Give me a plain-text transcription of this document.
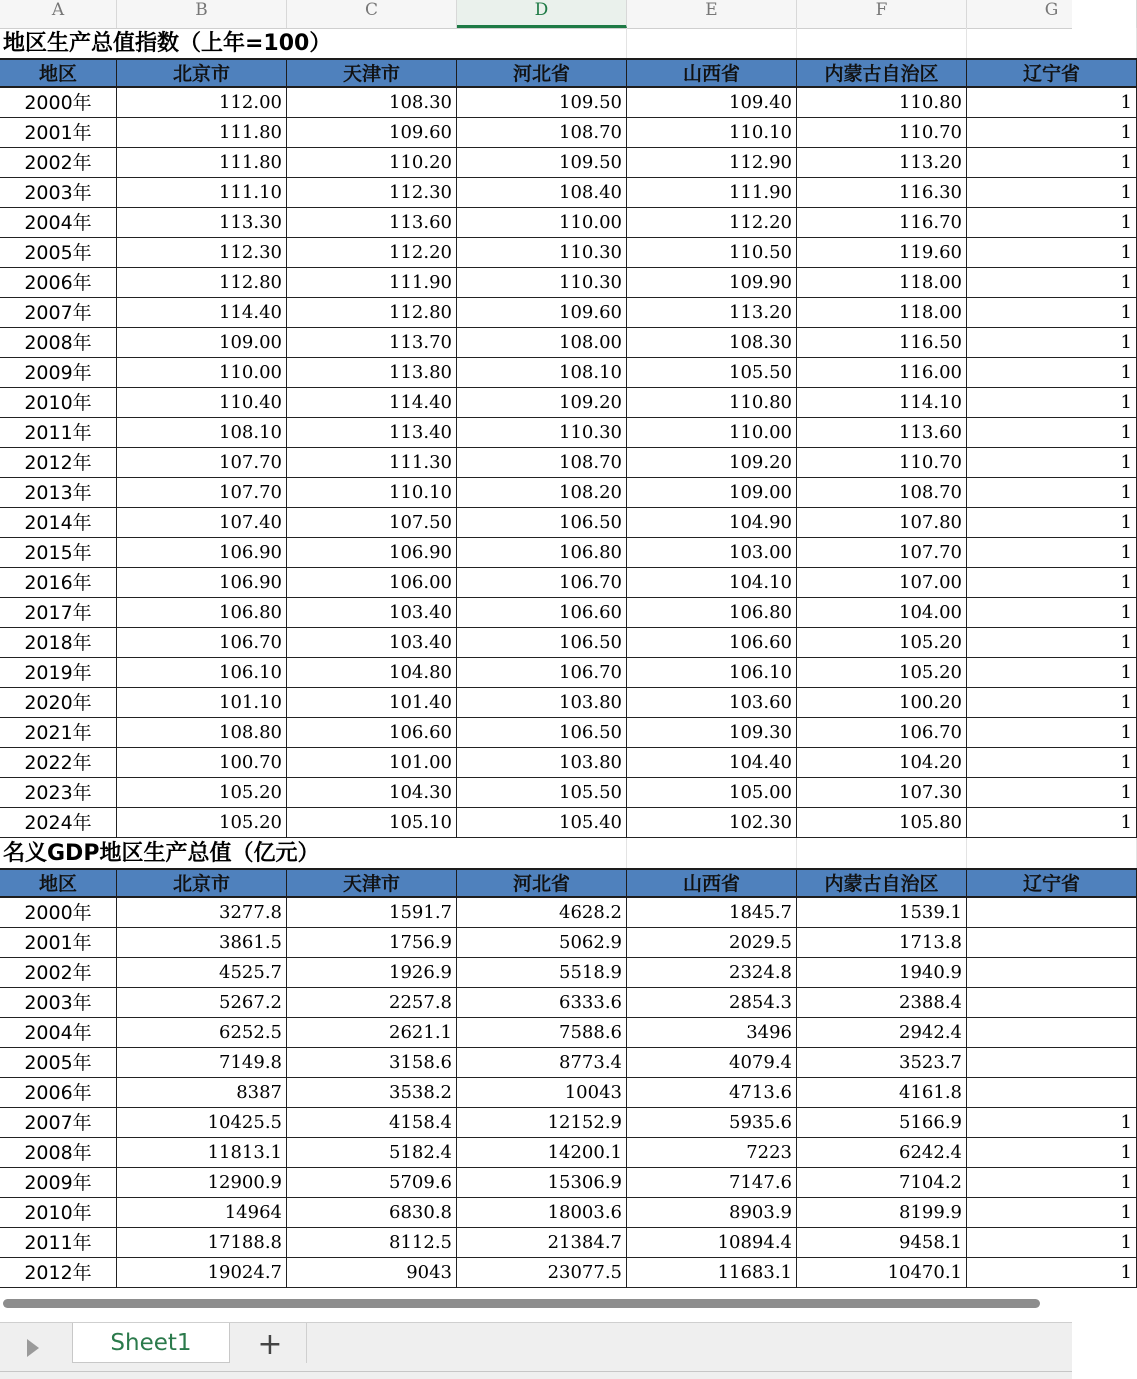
A	B	C	D	E	F	G
地区生产总值指数（上年=100）
地区	北京市	天津市	河北省	山西省	内蒙古自治区	辽宁省
2000年	112.00	108.30	109.50	109.40	110.80	1
2001年	111.80	109.60	108.70	110.10	110.70	1
2002年	111.80	110.20	109.50	112.90	113.20	1
2003年	111.10	112.30	108.40	111.90	116.30	1
2004年	113.30	113.60	110.00	112.20	116.70	1
2005年	112.30	112.20	110.30	110.50	119.60	1
2006年	112.80	111.90	110.30	109.90	118.00	1
2007年	114.40	112.80	109.60	113.20	118.00	1
2008年	109.00	113.70	108.00	108.30	116.50	1
2009年	110.00	113.80	108.10	105.50	116.00	1
2010年	110.40	114.40	109.20	110.80	114.10	1
2011年	108.10	113.40	110.30	110.00	113.60	1
2012年	107.70	111.30	108.70	109.20	110.70	1
2013年	107.70	110.10	108.20	109.00	108.70	1
2014年	107.40	107.50	106.50	104.90	107.80	1
2015年	106.90	106.90	106.80	103.00	107.70	1
2016年	106.90	106.00	106.70	104.10	107.00	1
2017年	106.80	103.40	106.60	106.80	104.00	1
2018年	106.70	103.40	106.50	106.60	105.20	1
2019年	106.10	104.80	106.70	106.10	105.20	1
2020年	101.10	101.40	103.80	103.60	100.20	1
2021年	108.80	106.60	106.50	109.30	106.70	1
2022年	100.70	101.00	103.80	104.40	104.20	1
2023年	105.20	104.30	105.50	105.00	107.30	1
2024年	105.20	105.10	105.40	102.30	105.80	1
名义GDP地区生产总值（亿元）
地区	北京市	天津市	河北省	山西省	内蒙古自治区	辽宁省
2000年	3277.8	1591.7	4628.2	1845.7	1539.1
2001年	3861.5	1756.9	5062.9	2029.5	1713.8
2002年	4525.7	1926.9	5518.9	2324.8	1940.9
2003年	5267.2	2257.8	6333.6	2854.3	2388.4
2004年	6252.5	2621.1	7588.6	3496	2942.4
2005年	7149.8	3158.6	8773.4	4079.4	3523.7
2006年	8387	3538.2	10043	4713.6	4161.8
2007年	10425.5	4158.4	12152.9	5935.6	5166.9	1
2008年	11813.1	5182.4	14200.1	7223	6242.4	1
2009年	12900.9	5709.6	15306.9	7147.6	7104.2	1
2010年	14964	6830.8	18003.6	8903.9	8199.9	1
2011年	17188.8	8112.5	21384.7	10894.4	9458.1	1
2012年	19024.7	9043	23077.5	11683.1	10470.1	1
Sheet1	+
